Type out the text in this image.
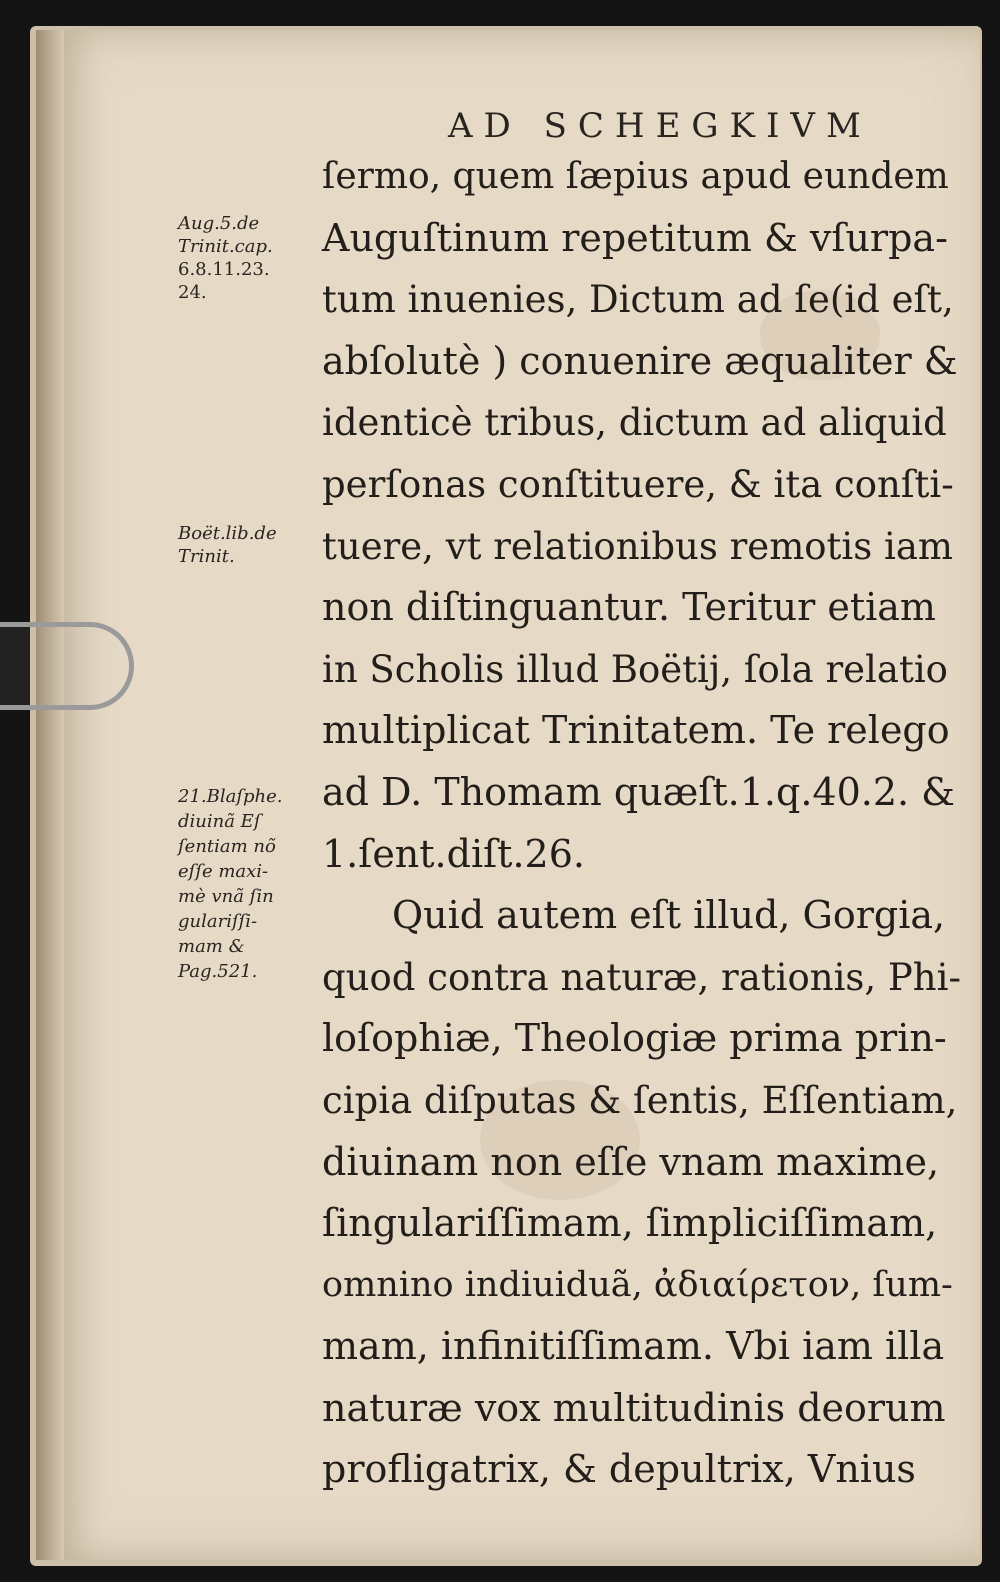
AD SCHEGKIVM
Aug.5.de
Trinit.cap.
6.8.11.23.
24.
Boët.lib.de
Trinit.
21.Blaſphe.
diuinã Eſ
ſentiam nõ
eſſe maxi-
mè vnã ſin
gulariſſi-
mam &
Pag.521.
ſermo, quem ſæpius apud eundem
Auguſtinum repetitum & vſurpa-
tum inuenies, Dictum ad ſe(id eſt,
abſolutè ) conuenire æqualiter &
identicè tribus, dictum ad aliquid
perſonas conſtituere, & ita conſti-
tuere, vt relationibus remotis iam
non diſtinguantur. Teritur etiam
in Scholis illud Boëtij, ſola relatio
multiplicat Trinitatem. Te relego
ad D. Thomam quæſt.1.q.40.2. &
1.ſent.diſt.26.
Quid autem eſt illud, Gorgia,
quod contra naturæ, rationis, Phi-
loſophiæ, Theologiæ prima prin-
cipia diſputas & ſentis, Eſſentiam,
diuinam non eſſe vnam maxime,
ſingulariſſimam, ſimpliciſſimam,
omnino indiuiduã, ἀδιαίρετον, ſum-
mam, infinitiſſimam. Vbi iam illa
naturæ vox multitudinis deorum
profligatrix, & depultrix, Vnius
